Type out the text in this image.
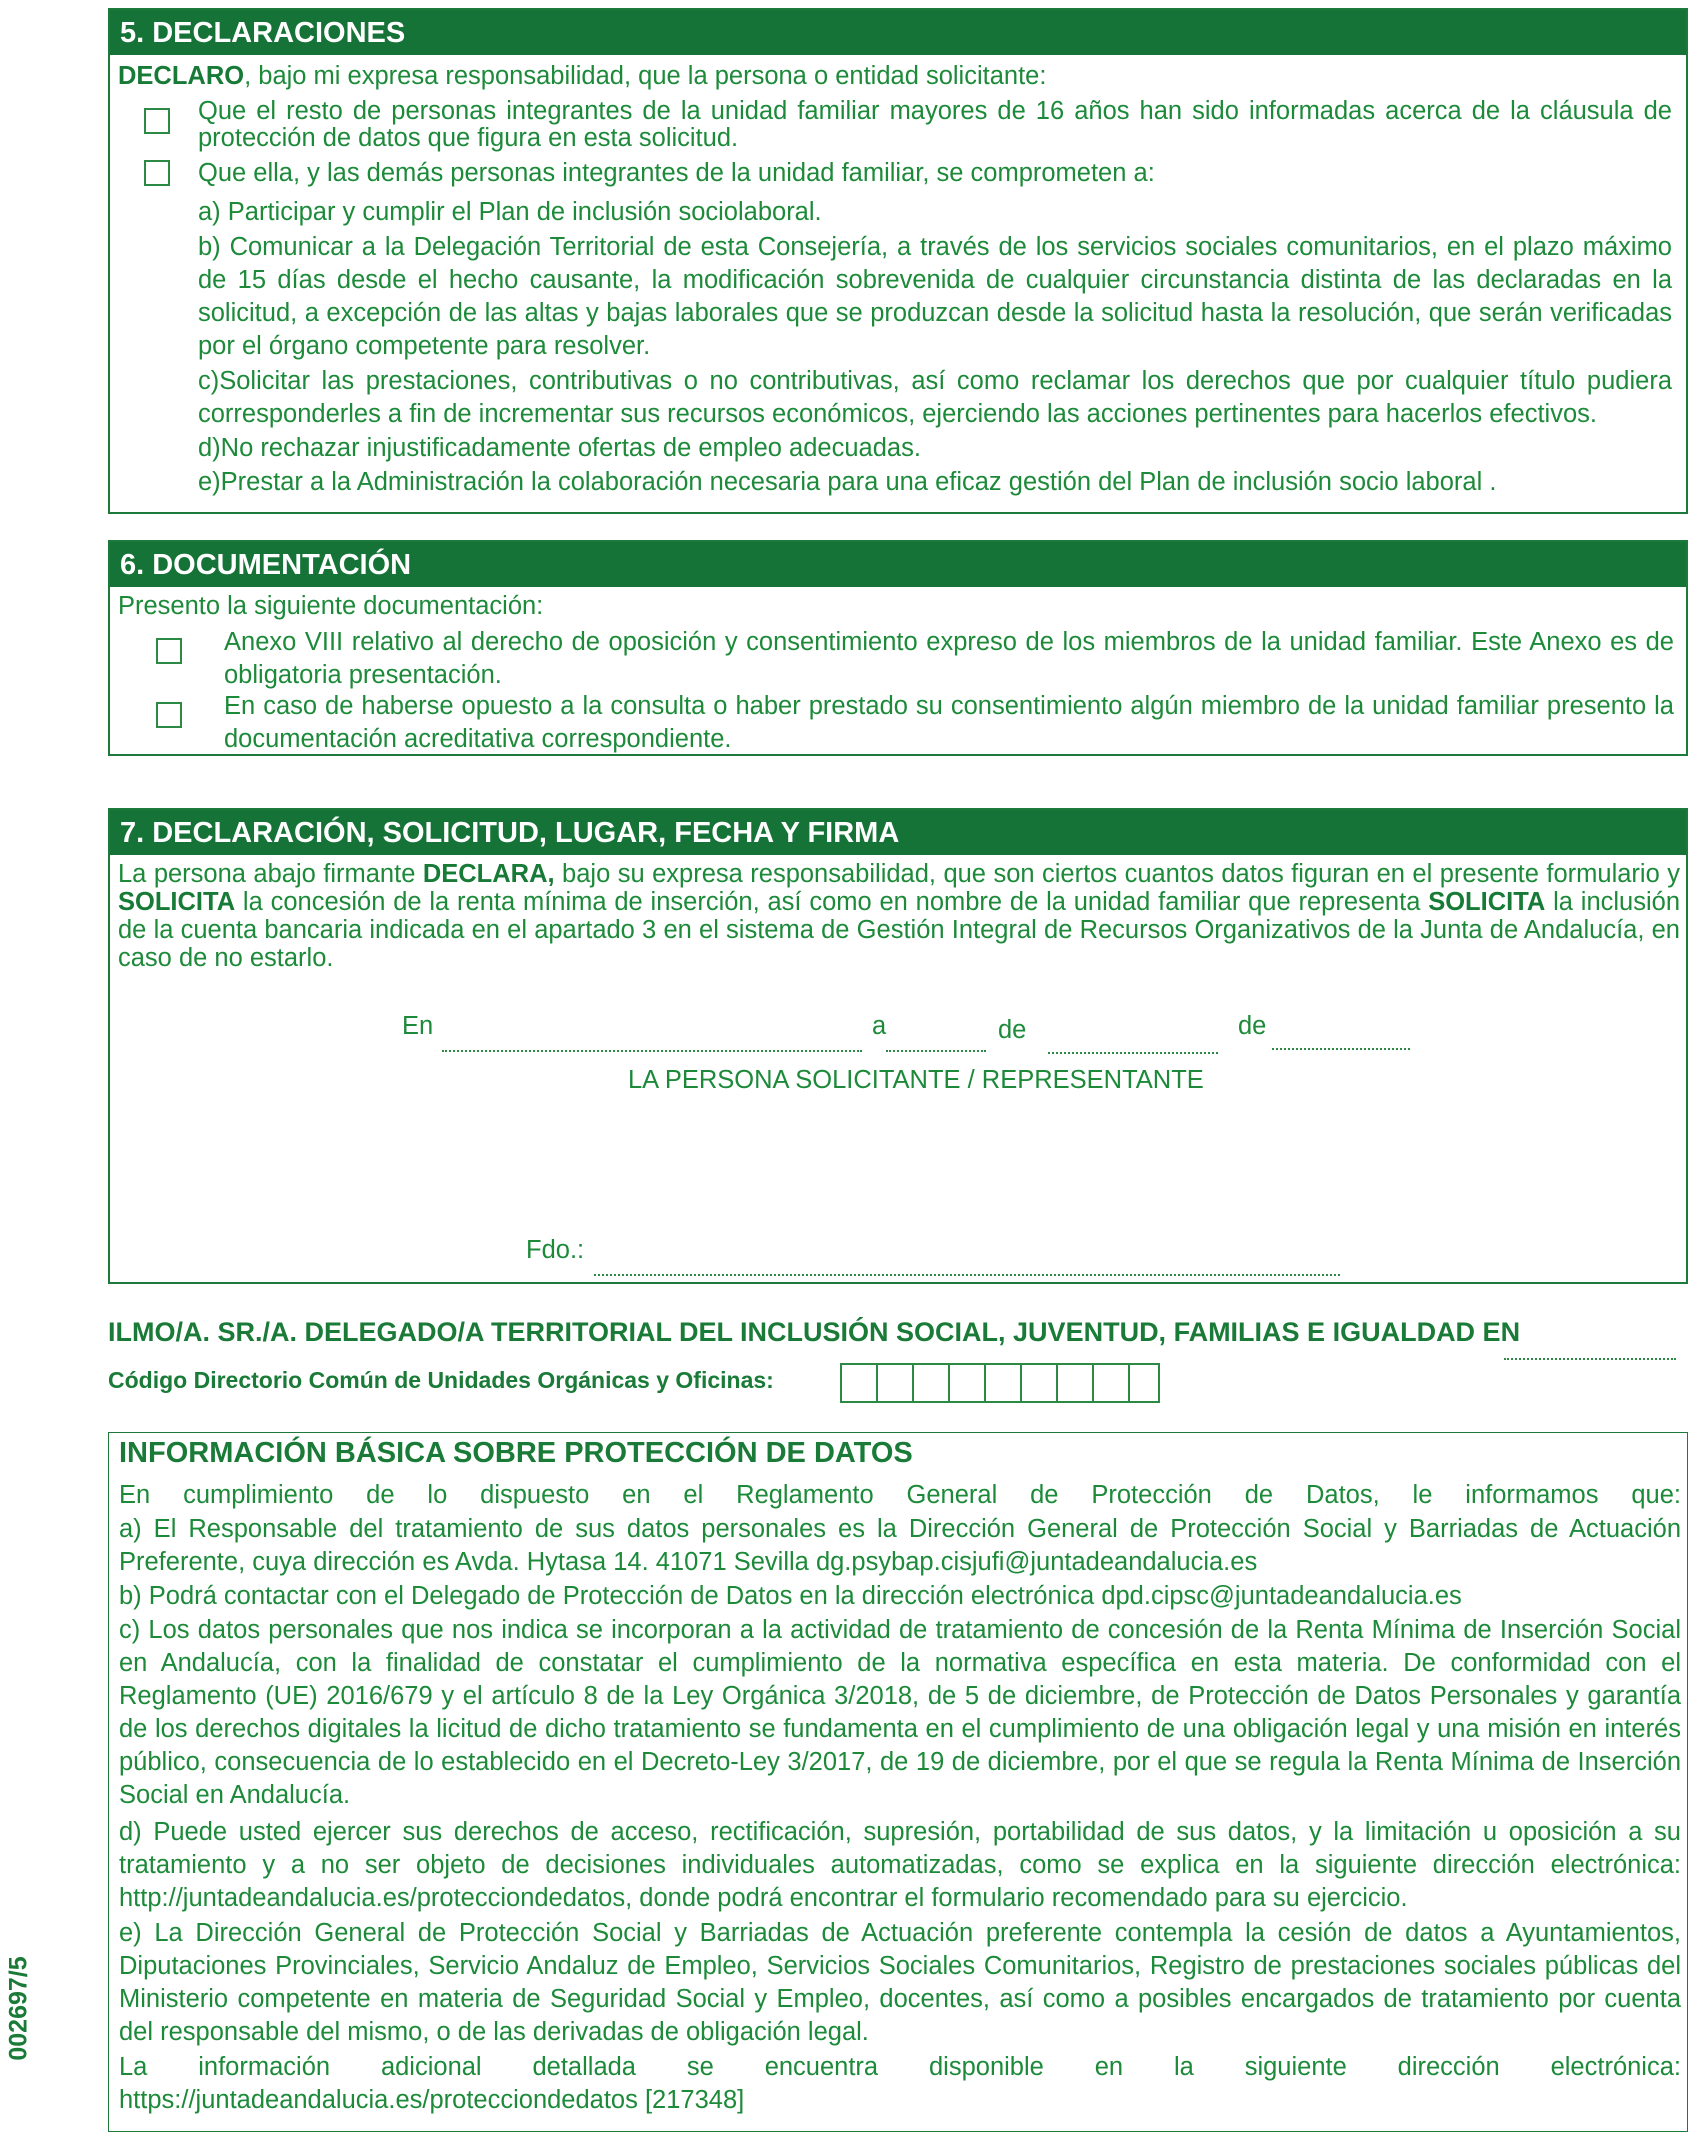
5. DECLARACIONES
DECLARO, bajo mi expresa responsabilidad, que la persona o entidad solicitante:
Que el resto de personas integrantes de la unidad familiar mayores de 16 años han sido informadas acerca de la cláusula de protección de datos que figura en esta solicitud.
Que ella, y las demás personas integrantes de la unidad familiar, se comprometen a:
a) Participar y cumplir el Plan de inclusión sociolaboral.
b) Comunicar a la Delegación Territorial de esta Consejería, a través de los servicios sociales comunitarios, en el plazo máximo de 15 días desde el hecho causante, la modificación sobrevenida de cualquier circunstancia distinta de las declaradas en la solicitud, a excepción de las altas y bajas laborales que se produzcan desde la solicitud hasta la resolución, que serán verificadas por el órgano competente para resolver.
c)Solicitar las prestaciones, contributivas o no contributivas, así como reclamar los derechos que por cualquier título pudiera corresponderles a fin de incrementar sus recursos económicos, ejerciendo las acciones pertinentes para hacerlos efectivos.
d)No rechazar injustificadamente ofertas de empleo adecuadas.
e)Prestar a la Administración la colaboración necesaria para una eficaz gestión del Plan de inclusión socio laboral .
6. DOCUMENTACIÓN
Presento la siguiente documentación:
Anexo VIII relativo al derecho de oposición y consentimiento expreso de los miembros de la unidad familiar. Este Anexo es de obligatoria presentación.
En caso de haberse opuesto a la consulta o haber prestado su consentimiento algún miembro de la unidad familiar presento la documentación acreditativa correspondiente.
7. DECLARACIÓN, SOLICITUD, LUGAR, FECHA Y FIRMA
La persona abajo firmante DECLARA, bajo su expresa responsabilidad, que son ciertos cuantos datos figuran en el presente formulario y SOLICITA la concesión de la renta mínima de inserción, así como en nombre de la unidad familiar que representa SOLICITA la inclusión de la cuenta bancaria indicada en el apartado 3 en el sistema de Gestión Integral de Recursos Organizativos de la Junta de Andalucía, en caso de no estarlo.
En	a	de	de
LA PERSONA SOLICITANTE / REPRESENTANTE
Fdo.:
ILMO/A. SR./A. DELEGADO/A TERRITORIAL DEL INCLUSIÓN SOCIAL, JUVENTUD, FAMILIAS E IGUALDAD EN
Código Directorio Común de Unidades Orgánicas y Oficinas:
INFORMACIÓN BÁSICA SOBRE PROTECCIÓN DE DATOS
En cumplimiento de lo dispuesto en el Reglamento General de Protección de Datos, le informamos que:
a) El Responsable del tratamiento de sus datos personales es la Dirección General de Protección Social y Barriadas de Actuación Preferente, cuya dirección es Avda. Hytasa 14. 41071 Sevilla dg.psybap.cisjufi@juntadeandalucia.es
b) Podrá contactar con el Delegado de Protección de Datos en la dirección electrónica dpd.cipsc@juntadeandalucia.es
c) Los datos personales que nos indica se incorporan a la actividad de tratamiento de concesión de la Renta Mínima de Inserción Social en Andalucía, con la finalidad de constatar el cumplimiento de la normativa específica en esta materia. De conformidad con el Reglamento (UE) 2016/679 y el artículo 8 de la Ley Orgánica 3/2018, de 5 de diciembre, de Protección de Datos Personales y garantía de los derechos digitales la licitud de dicho tratamiento se fundamenta en el cumplimiento de una obligación legal y una misión en interés público, consecuencia de lo establecido en el Decreto-Ley 3/2017, de 19 de diciembre, por el que se regula la Renta Mínima de Inserción Social en Andalucía.
d) Puede usted ejercer sus derechos de acceso, rectificación, supresión, portabilidad de sus datos, y la limitación u oposición a su tratamiento y a no ser objeto de decisiones individuales automatizadas, como se explica en la siguiente dirección electrónica: http://juntadeandalucia.es/protecciondedatos, donde podrá encontrar el formulario recomendado para su ejercicio.
e) La Dirección General de Protección Social y Barriadas de Actuación preferente contempla la cesión de datos a Ayuntamientos, Diputaciones Provinciales, Servicio Andaluz de Empleo, Servicios Sociales Comunitarios, Registro de prestaciones sociales públicas del Ministerio competente en materia de Seguridad Social y Empleo, docentes, así como a posibles encargados de tratamiento por cuenta del responsable del mismo, o de las derivadas de obligación legal.
La información adicional detallada se encuentra disponible en la siguiente dirección electrónica: https://juntadeandalucia.es/protecciondedatos [217348]
002697/5
